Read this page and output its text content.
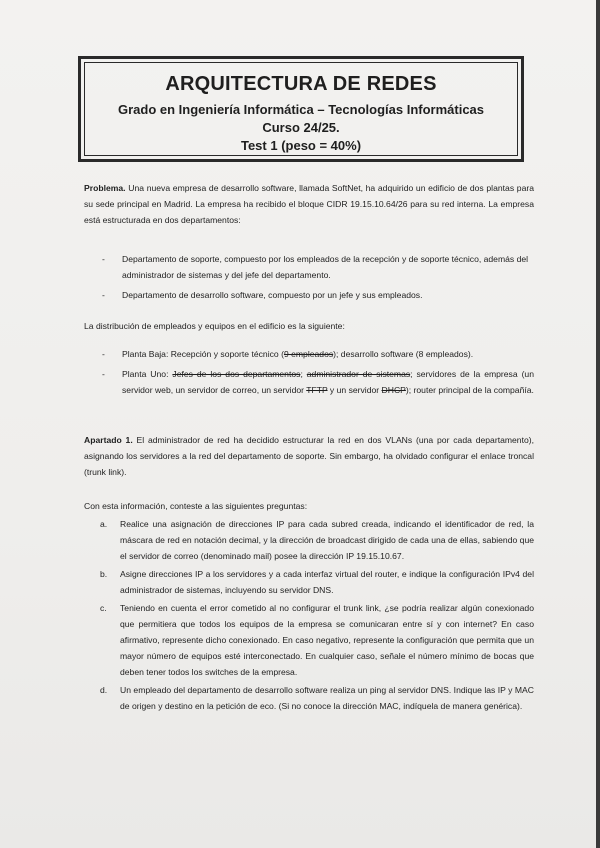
ARQUITECTURA DE REDES
Grado en Ingeniería Informática – Tecnologías Informáticas
Curso 24/25.
Test 1 (peso = 40%)

Problema. Una nueva empresa de desarrollo software, llamada SoftNet, ha adquirido un edificio de dos plantas para su sede principal en Madrid. La empresa ha recibido el bloque CIDR 19.15.10.64/26 para su red interna. La empresa está estructurada en dos departamentos:

- Departamento de soporte, compuesto por los empleados de la recepción y de soporte técnico, además del administrador de sistemas y del jefe del departamento.
- Departamento de desarrollo software, compuesto por un jefe y sus empleados.

La distribución de empleados y equipos en el edificio es la siguiente:

- Planta Baja: Recepción y soporte técnico (9 empleados); desarrollo software (8 empleados).
- Planta Uno: Jefes de los dos departamentos; administrador de sistemas; servidores de la empresa (un servidor web, un servidor de correo, un servidor TFTP y un servidor DHCP); router principal de la compañía.

Apartado 1. El administrador de red ha decidido estructurar la red en dos VLANs (una por cada departamento), asignando los servidores a la red del departamento de soporte. Sin embargo, ha olvidado configurar el enlace troncal (trunk link).

Con esta información, conteste a las siguientes preguntas:

a. Realice una asignación de direcciones IP para cada subred creada, indicando el identificador de red, la máscara de red en notación decimal, y la dirección de broadcast dirigido de cada una de ellas, sabiendo que el servidor de correo (denominado mail) posee la dirección IP 19.15.10.67.
b. Asigne direcciones IP a los servidores y a cada interfaz virtual del router, e indique la configuración IPv4 del administrador de sistemas, incluyendo su servidor DNS.
c. Teniendo en cuenta el error cometido al no configurar el trunk link, ¿se podría realizar algún conexionado que permitiera que todos los equipos de la empresa se comunicaran entre sí y con internet? En caso afirmativo, represente dicho conexionado. En caso negativo, represente la configuración que permita que un mayor número de equipos esté interconectado. En cualquier caso, señale el número mínimo de bocas que deben tener todos los switches de la empresa.
d. Un empleado del departamento de desarrollo software realiza un ping al servidor DNS. Indique las IP y MAC de origen y destino en la petición de eco. (Si no conoce la dirección MAC, indíquela de manera genérica).
